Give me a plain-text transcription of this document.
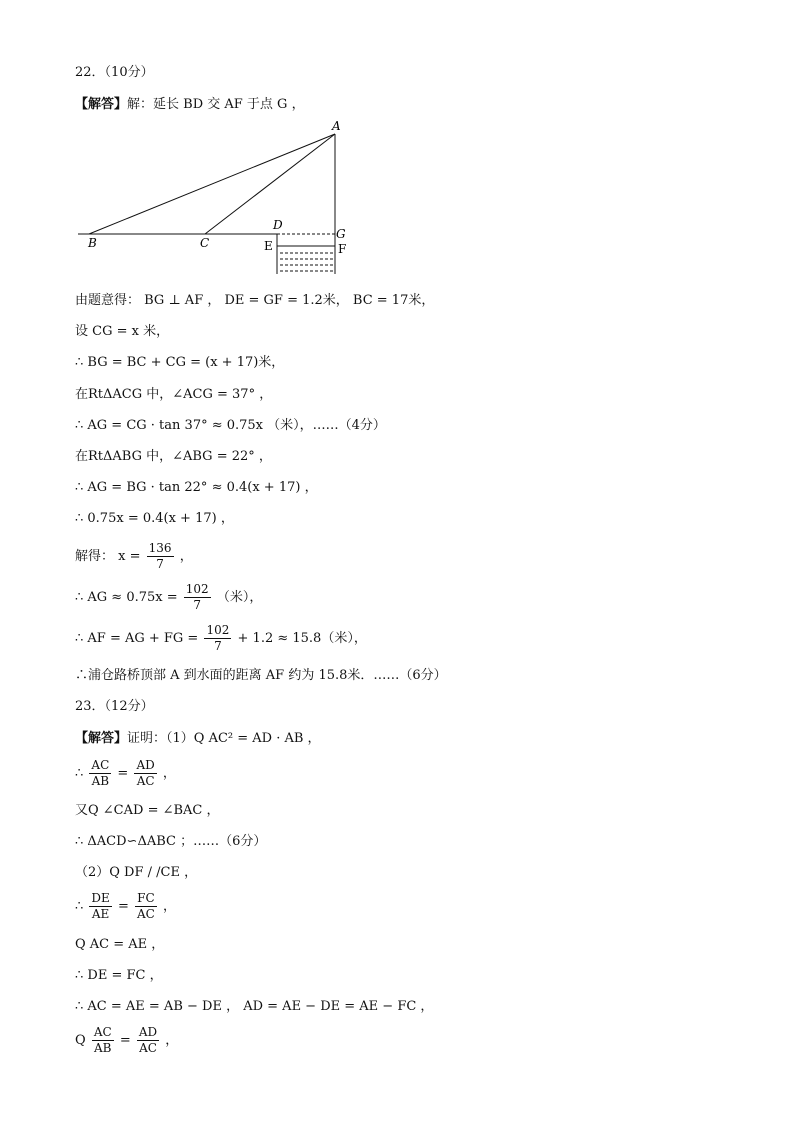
22．（10分）
【解答】解：延长 BD 交 AF 于点 G ，
A
B	C
D
E	F
G
由题意得： BG ⊥ AF ， DE = GF = 1.2米， BC = 17米，
设 CG = x 米，
∴ BG = BC + CG = (x + 17)米，
在RtΔACG 中，∠ACG = 37° ，
∴ AG = CG · tan 37° ≈ 0.75x （米），……（4分）
在RtΔABG 中，∠ABG = 22° ，
∴ AG = BG · tan 22° ≈ 0.4(x + 17) ，
∴ 0.75x = 0.4(x + 17) ，
解得： $x = \frac{136}{7}$ ，
∴ AG ≈ $0.75x = \frac{102}{7}$ （米），
∴ AF = AG + FG = $\frac{102}{7} + 1.2 \approx 15.8$（米），
∴浦仓路桥顶部 A 到水面的距离 AF 约为 15.8米．……（6分）
23．（12分）
【解答】证明：（1）Q AC² = AD · AB ，
∴ $\frac{AC}{AB} = \frac{AD}{AC}$ ，
又Q ∠CAD = ∠BAC ，
∴ ΔACD∽ΔABC ；……（6分）
（2）Q DF / /CE ，
∴ $\frac{DE}{AE} = \frac{FC}{AC}$ ，
Q AC = AE ，
∴ DE = FC ，
∴ AC = AE = AB − DE ， AD = AE − DE = AE − FC ，
Q $\frac{AC}{AB} = \frac{AD}{AC}$ ，
